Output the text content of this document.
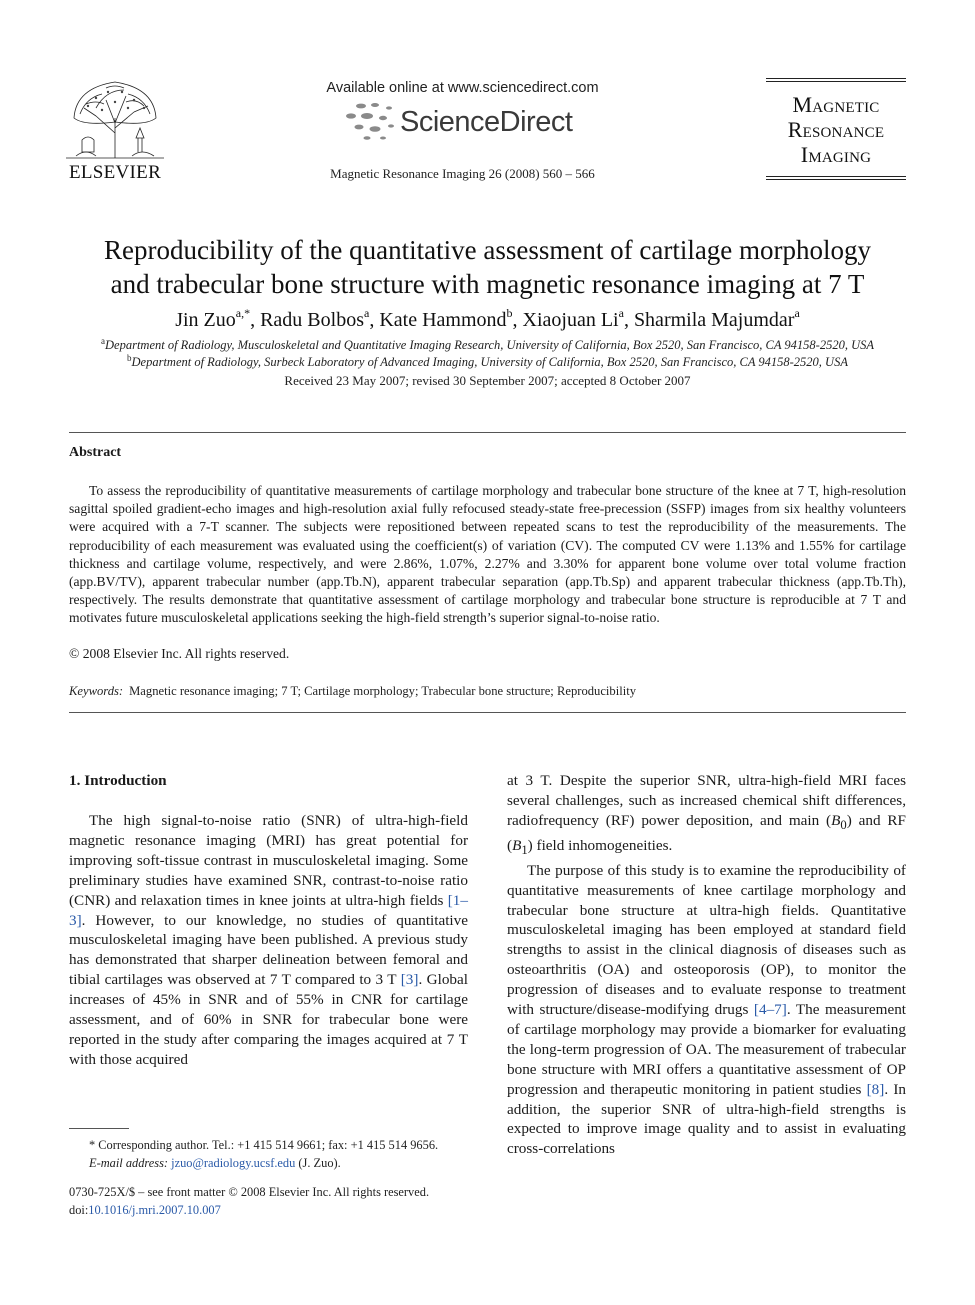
ELSEVIER
Available online at www.sciencedirect.com
ScienceDirect
Magnetic Resonance Imaging 26 (2008) 560 – 566
Magnetic
Resonance
Imaging
Reproducibility of the quantitative assessment of cartilage morphology
and trabecular bone structure with magnetic resonance imaging at 7 T
Jin Zuo$^{a,*}$, Radu Bolbos$^a$, Kate Hammond$^b$, Xiaojuan Li$^a$, Sharmila Majumdar$^a$
$^a$Department of Radiology, Musculoskeletal and Quantitative Imaging Research, University of California, Box 2520, San Francisco, CA 94158-2520, USA
$^b$Department of Radiology, Surbeck Laboratory of Advanced Imaging, University of California, Box 2520, San Francisco, CA 94158-2520, USA
Received 23 May 2007; revised 30 September 2007; accepted 8 October 2007
Abstract
To assess the reproducibility of quantitative measurements of cartilage morphology and trabecular bone structure of the knee at 7 T, high-resolution sagittal spoiled gradient-echo images and high-resolution axial fully refocused steady-state free-precession (SSFP) images from six healthy volunteers were acquired with a 7-T scanner. The subjects were repositioned between repeated scans to test the reproducibility of the measurements. The reproducibility of each measurement was evaluated using the coefficient(s) of variation (CV). The computed CV were 1.13% and 1.55% for cartilage thickness and cartilage volume, respectively, and were 2.86%, 1.07%, 2.27% and 3.30% for apparent bone volume over total volume fraction (app.BV/TV), apparent trabecular number (app.Tb.N), apparent trabecular separation (app.Tb.Sp) and apparent trabecular thickness (app.Tb.Th), respectively. The results demonstrate that quantitative assessment of cartilage morphology and trabecular bone structure is reproducible at 7 T and motivates future musculoskeletal applications seeking the high-field strength’s superior signal-to-noise ratio.
© 2008 Elsevier Inc. All rights reserved.
Keywords: Magnetic resonance imaging; 7 T; Cartilage morphology; Trabecular bone structure; Reproducibility
1. Introduction

The high signal-to-noise ratio (SNR) of ultra-high-field magnetic resonance imaging (MRI) has great potential for improving soft-tissue contrast in musculoskeletal imaging. Some preliminary studies have examined SNR, contrast-to-noise ratio (CNR) and relaxation times in knee joints at ultra-high fields [1–3]. However, to our knowledge, no studies of quantitative musculoskeletal imaging have been published. A previous study has demonstrated that sharper delineation between femoral and tibial cartilages was observed at 7 T compared to 3 T [3]. Global increases of 45% in SNR and of 55% in CNR for cartilage assessment, and of 60% in SNR for trabecular bone were reported in the study after comparing the images acquired at 7 T with those acquired

at 3 T. Despite the superior SNR, ultra-high-field MRI faces several challenges, such as increased chemical shift differences, radiofrequency (RF) power deposition, and main $(B_0)$ and RF $(B_1)$ field inhomogeneities.

The purpose of this study is to examine the reproducibility of quantitative measurements of knee cartilage morphology and trabecular bone structure at ultra-high fields. Quantitative musculoskeletal imaging has been employed at standard field strengths to assist in the clinical diagnosis of diseases such as osteoarthritis (OA) and osteoporosis (OP), to monitor the progression of diseases and to evaluate response to treatment with structure/disease-modifying drugs [4–7]. The measurement of cartilage morphology may provide a biomarker for evaluating the long-term progression of OA. The measurement of trabecular bone structure with MRI offers a quantitative assessment of OP progression and therapeutic monitoring in patient studies [8]. In addition, the superior SNR of ultra-high-field strengths is expected to improve image quality and to assist in evaluating cross-correlations

* Corresponding author. Tel.: +1 415 514 9661; fax: +1 415 514 9656.
E-mail address: jzuo@radiology.ucsf.edu (J. Zuo).
0730-725X/$ – see front matter © 2008 Elsevier Inc. All rights reserved.
doi:10.1016/j.mri.2007.10.007
